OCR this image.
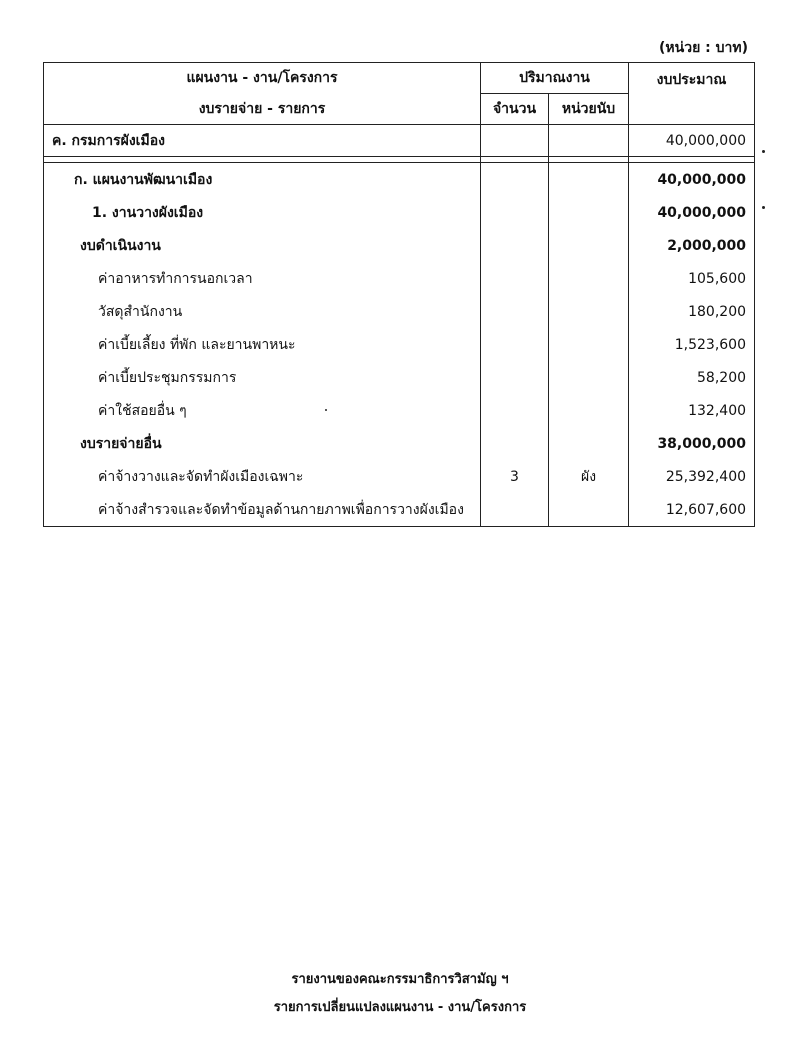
(หน่วย : บาท)
แผนงาน - งาน/โครงการ	ปริมาณงาน		งบประมาณ
งบรายจ่าย - รายการ	จำนวน	หน่วยนับ	
ค. กรมการผังเมือง			40,000,000

ก. แผนงานพัฒนาเมือง			40,000,000
1. งานวางผังเมือง			40,000,000
งบดำเนินงาน			2,000,000
ค่าอาหารทำการนอกเวลา			105,600
วัสดุสำนักงาน			180,200
ค่าเบี้ยเลี้ยง ที่พัก และยานพาหนะ			1,523,600
ค่าเบี้ยประชุมกรรมการ			58,200
ค่าใช้สอยอื่น ๆ			132,400
งบรายจ่ายอื่น			38,000,000
ค่าจ้างวางและจัดทำผังเมืองเฉพาะ	3	ผัง	25,392,400
ค่าจ้างสำรวจและจัดทำข้อมูลด้านกายภาพเพื่อการวางผังเมือง			12,607,600
รายงานของคณะกรรมาธิการวิสามัญ ฯ
รายการเปลี่ยนแปลงแผนงาน - งาน/โครงการ
